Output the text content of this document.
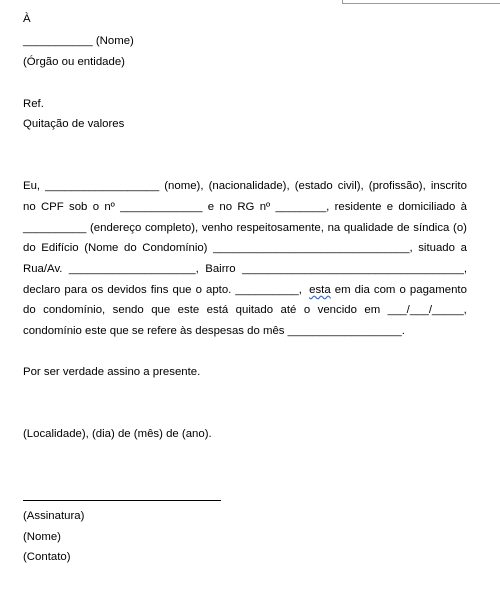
À
___________ (Nome)
(Órgão ou entidade)
Ref.
Quitação de valores
Eu, __________________ (nome), (nacionalidade), (estado civil), (profissão), inscrito
no CPF sob o nº _____________ e no RG nº ________, residente e domiciliado à
__________ (endereço completo), venho respeitosamente, na qualidade de síndica (o)
do Edifício (Nome do Condomínio) _______________________________, situado a
Rua/Av. ____________________, Bairro ___________________________________,
declaro para os devidos fins que o apto. __________, esta em dia com o pagamento
do condomínio, sendo que este está quitado até o vencido em ___/___/_____,
condomínio este que se refere às despesas do mês __________________.
Por ser verdade assino a presente.
(Localidade), (dia) de (mês) de (ano).
(Assinatura)
(Nome)
(Contato)
